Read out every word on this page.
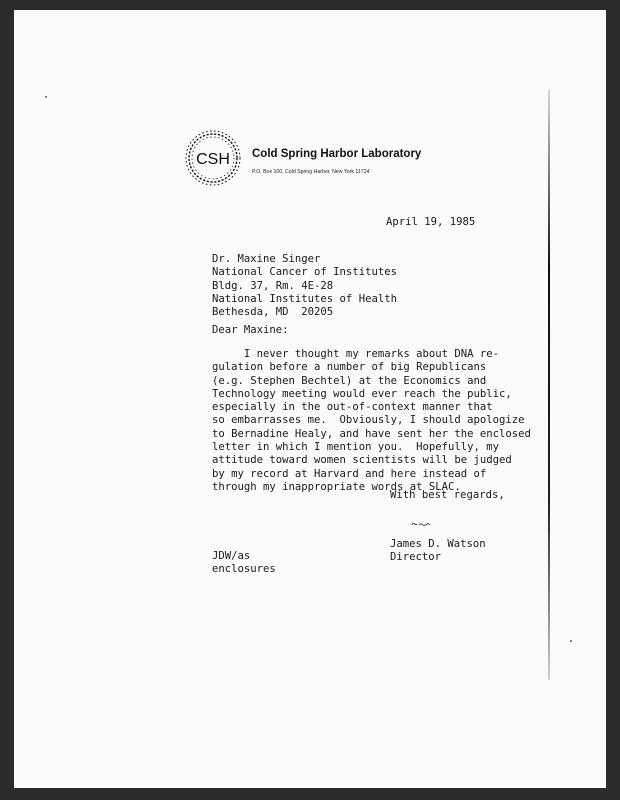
CSH Cold Spring Harbor Laboratory
P.O. Box 100, Cold Spring Harbor, New York 11724
April 19, 1985
Dr. Maxine Singer
National Cancer of Institutes
Bldg. 37, Rm. 4E-28
National Institutes of Health
Bethesda, MD  20205
Dear Maxine:
I never thought my remarks about DNA re-
gulation before a number of big Republicans
(e.g. Stephen Bechtel) at the Economics and
Technology meeting would ever reach the public,
especially in the out-of-context manner that
so embarrasses me.  Obviously, I should apologize
to Bernadine Healy, and have sent her the enclosed
letter in which I mention you.  Hopefully, my
attitude toward women scientists will be judged
by my record at Harvard and here instead of
through my inappropriate words at SLAC.
With best regards,
James D. Watson
Director
JDW/as
enclosures
